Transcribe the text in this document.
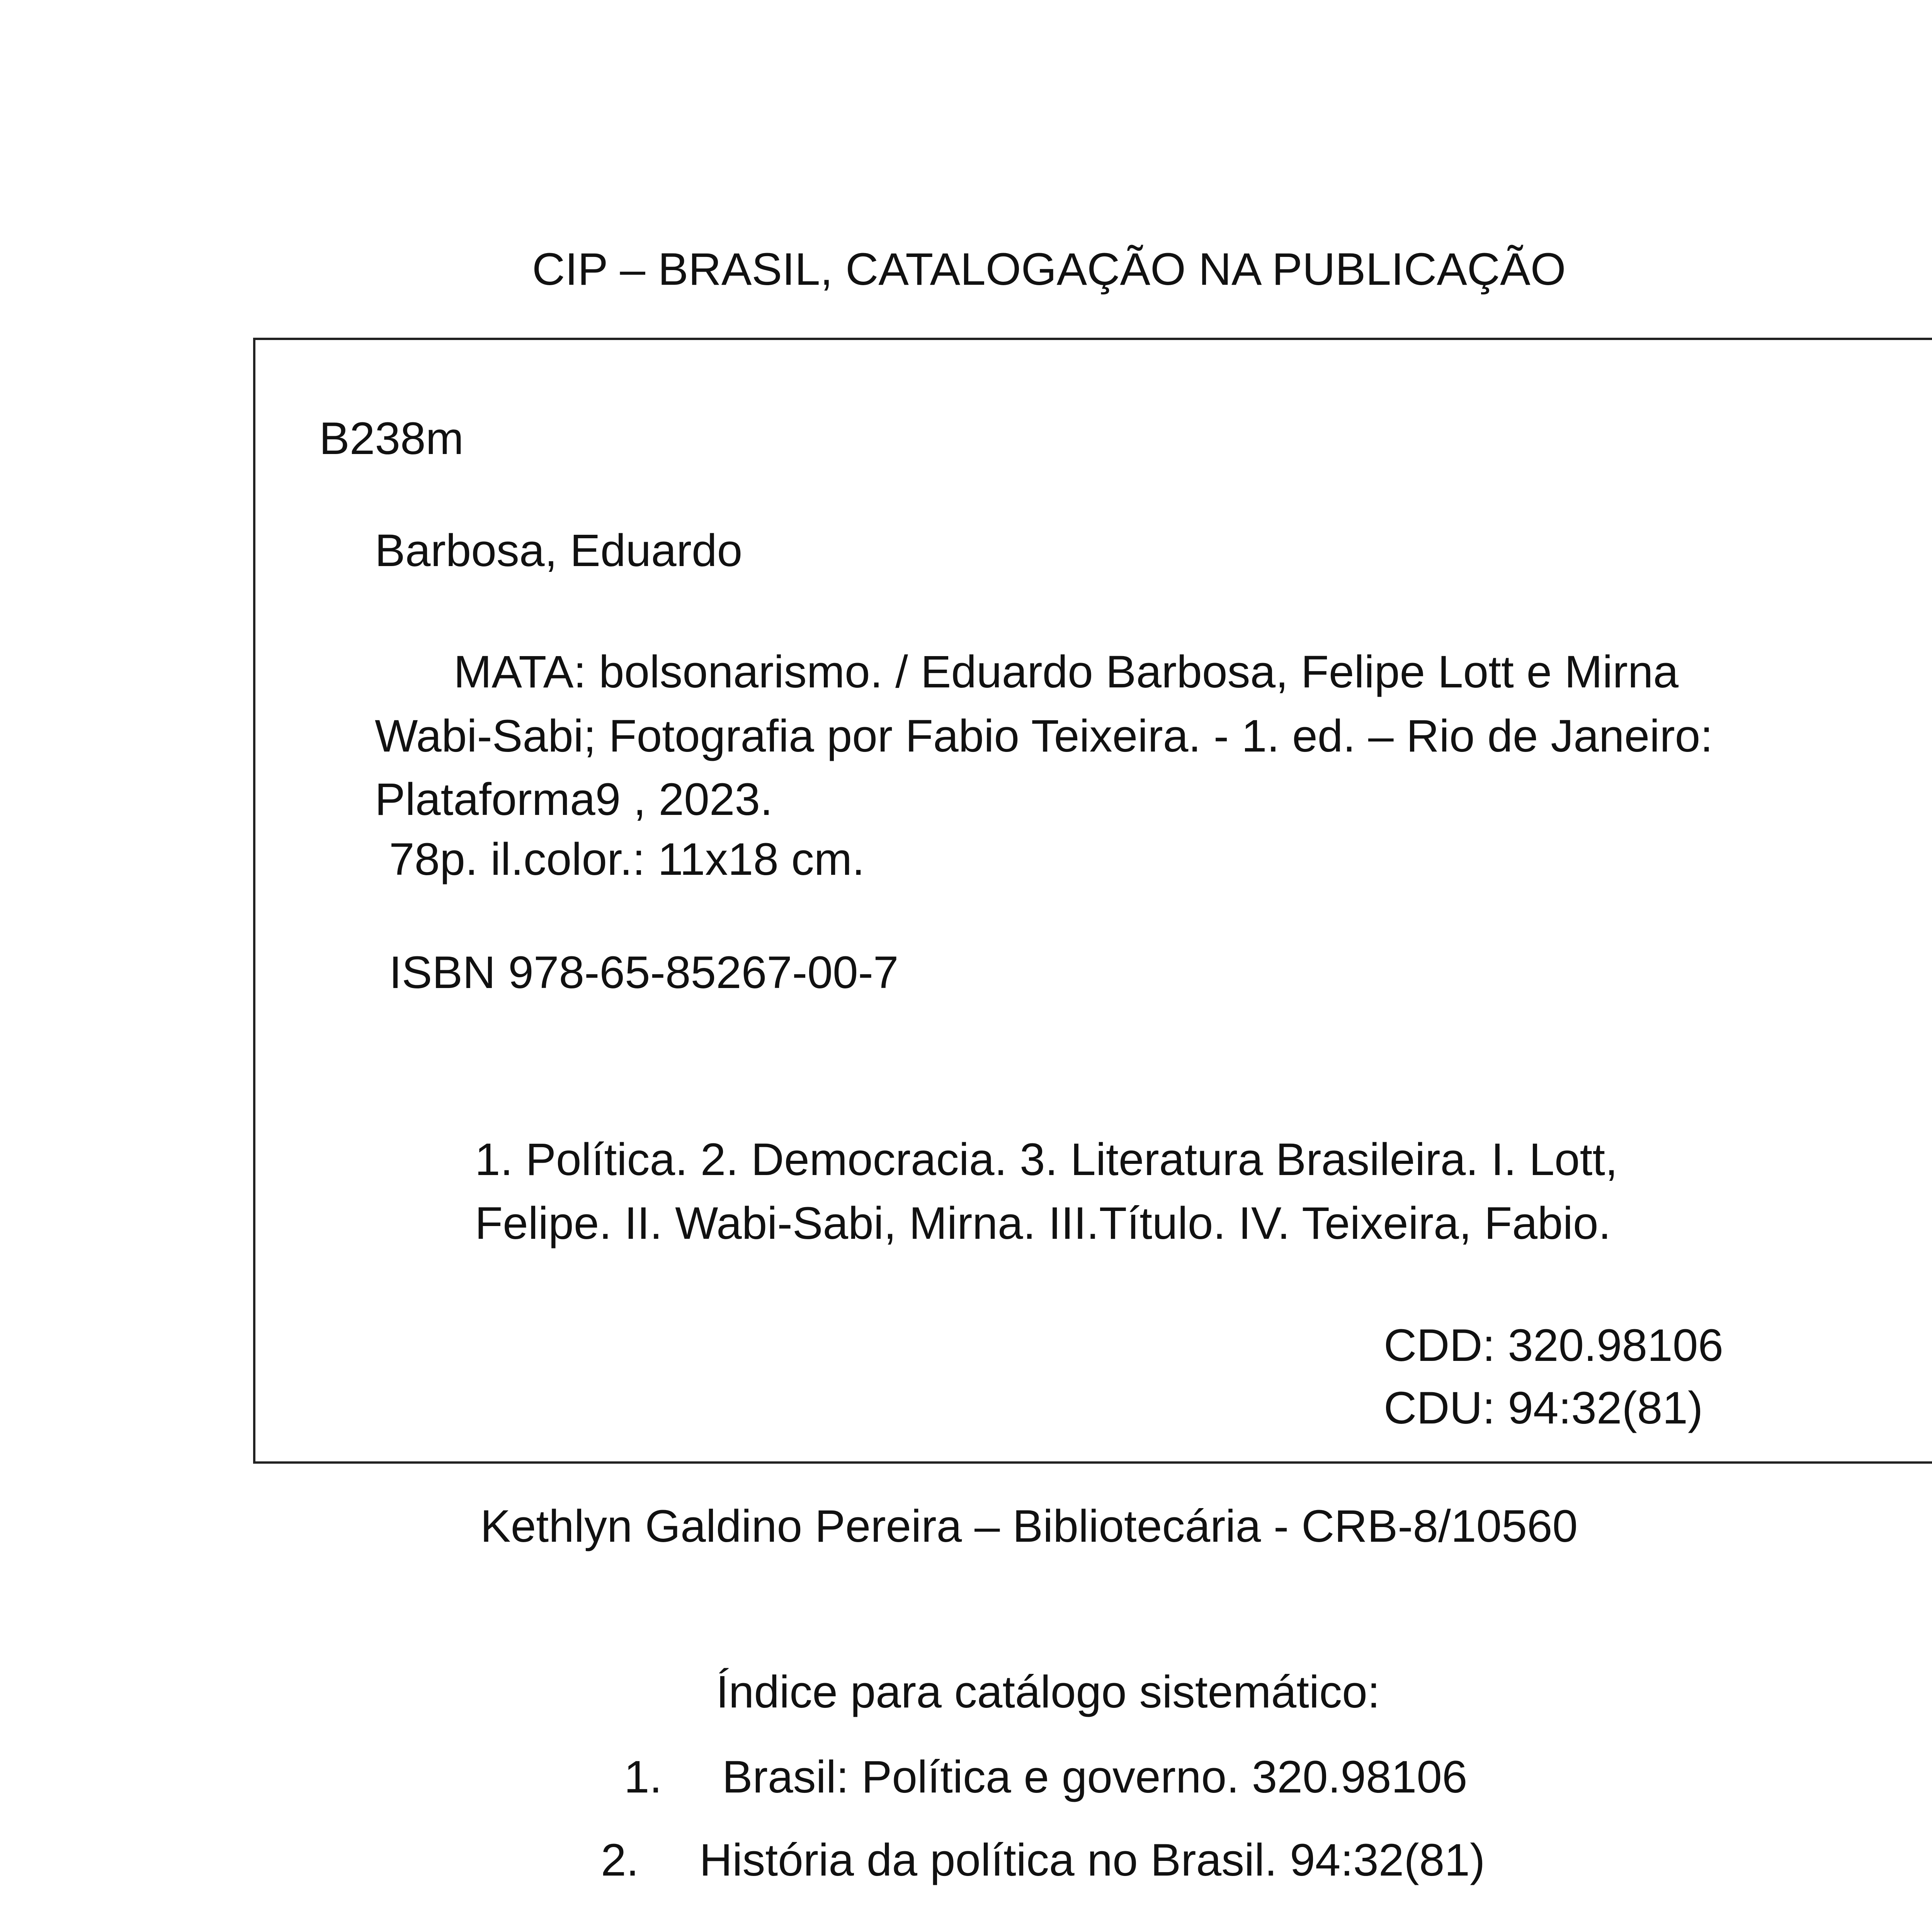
CIP – BRASIL, CATALOGAÇÃO NA PUBLICAÇÃO

B238m

Barbosa, Eduardo

MATA: bolsonarismo. / Eduardo Barbosa, Felipe Lott e Mirna

Wabi-Sabi; Fotografia por Fabio Teixeira. - 1. ed. – Rio de Janeiro:

Plataforma9 , 2023.

78p. il.color.: 11x18 cm.

ISBN 978-65-85267-00-7

1. Política. 2. Democracia. 3. Literatura Brasileira. I. Lott,

Felipe. II. Wabi-Sabi, Mirna. III.Título. IV. Teixeira, Fabio.

CDD: 320.98106

CDU: 94:32(81)

Kethlyn Galdino Pereira – Bibliotecária - CRB-8/10560

Índice para catálogo sistemático:

1. Brasil: Política e governo. 320.98106

2. História da política no Brasil. 94:32(81)
